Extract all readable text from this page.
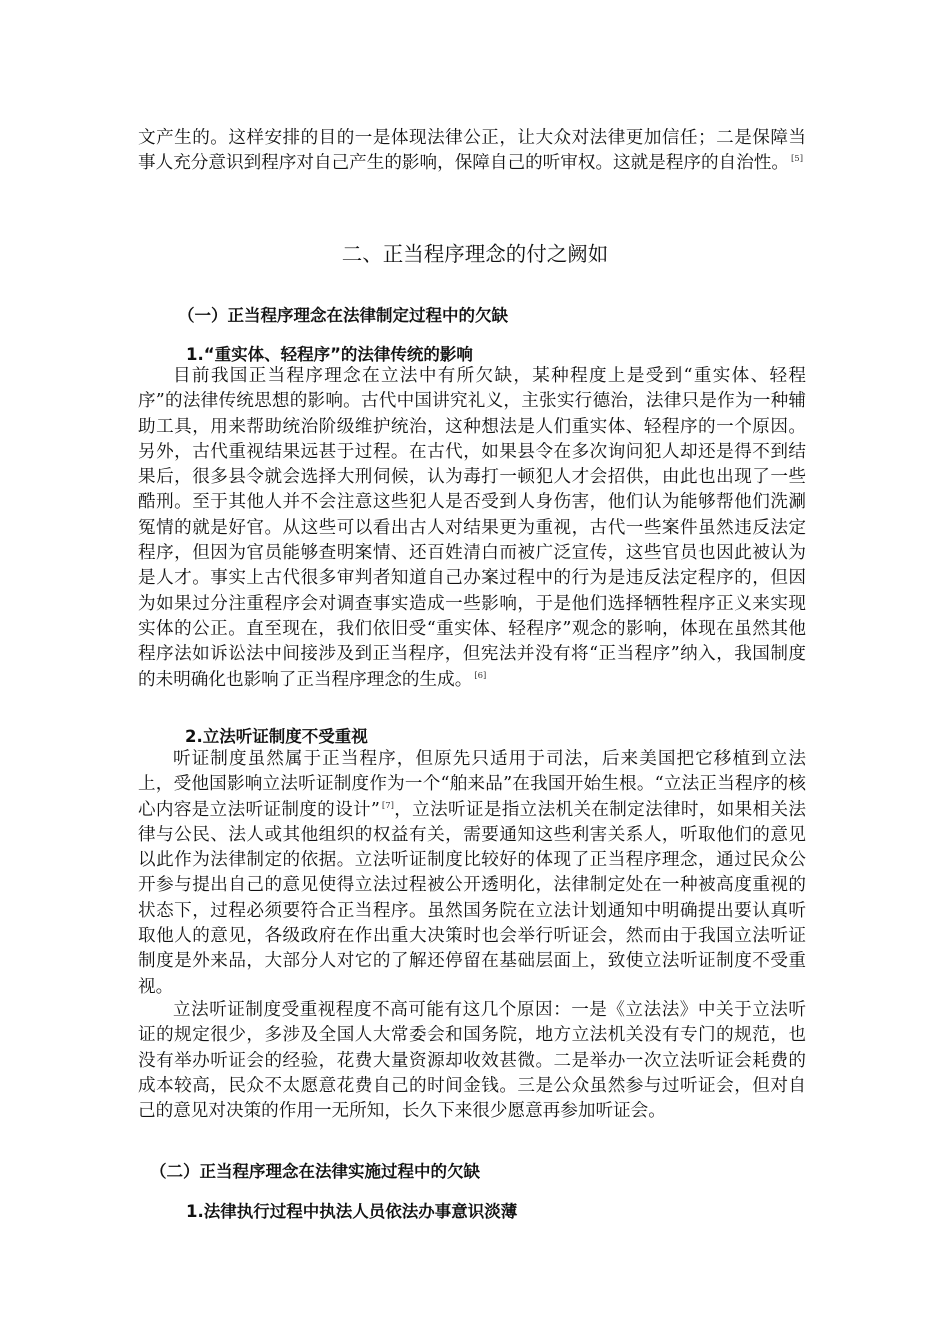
文产生的。这样安排的目的一是体现法律公正，让大众对法律更加信任；二是保障当事人充分意识到程序对自己产生的影响，保障自己的听审权。这就是程序的自治性。 [5]

二、正当程序理念的付之阙如
（一）正当程序理念在法律制定过程中的欠缺
1.“重实体、轻程序”的法律传统的影响

目前我国正当程序理念在立法中有所欠缺，某种程度上是受到“重实体、轻程序”的法律传统思想的影响。古代中国讲究礼义，主张实行德治，法律只是作为一种辅助工具，用来帮助统治阶级维护统治，这种想法是人们重实体、轻程序的一个原因。另外，古代重视结果远甚于过程。在古代，如果县令在多次询问犯人却还是得不到结果后，很多县令就会选择大刑伺候，认为毒打一顿犯人才会招供，由此也出现了一些酷刑。至于其他人并不会注意这些犯人是否受到人身伤害，他们认为能够帮他们洗涮冤情的就是好官。从这些可以看出古人对结果更为重视，古代一些案件虽然违反法定程序，但因为官员能够查明案情、还百姓清白而被广泛宣传，这些官员也因此被认为是人才。事实上古代很多审判者知道自己办案过程中的行为是违反法定程序的，但因为如果过分注重程序会对调查事实造成一些影响，于是他们选择牺牲程序正义来实现实体的公正。直至现在，我们依旧受“重实体、轻程序”观念的影响，体现在虽然其他程序法如诉讼法中间接涉及到正当程序，但宪法并没有将“正当程序”纳入，我国制度的未明确化也影响了正当程序理念的生成。 [6]

2.立法听证制度不受重视

听证制度虽然属于正当程序，但原先只适用于司法，后来美国把它移植到立法上，受他国影响立法听证制度作为一个“舶来品”在我国开始生根。“立法正当程序的核心内容是立法听证制度的设计” [7]，立法听证是指立法机关在制定法律时，如果相关法律与公民、法人或其他组织的权益有关，需要通知这些利害关系人，听取他们的意见以此作为法律制定的依据。立法听证制度比较好的体现了正当程序理念，通过民众公开参与提出自己的意见使得立法过程被公开透明化，法律制定处在一种被高度重视的状态下，过程必须要符合正当程序。虽然国务院在立法计划通知中明确提出要认真听取他人的意见，各级政府在作出重大决策时也会举行听证会，然而由于我国立法听证制度是外来品，大部分人对它的了解还停留在基础层面上，致使立法听证制度不受重视。

立法听证制度受重视程度不高可能有这几个原因：一是《立法法》中关于立法听证的规定很少，多涉及全国人大常委会和国务院，地方立法机关没有专门的规范，也没有举办听证会的经验，花费大量资源却收效甚微。二是举办一次立法听证会耗费的成本较高，民众不太愿意花费自己的时间金钱。三是公众虽然参与过听证会，但对自己的意见对决策的作用一无所知，长久下来很少愿意再参加听证会。

（二）正当程序理念在法律实施过程中的欠缺
1.法律执行过程中执法人员依法办事意识淡薄
